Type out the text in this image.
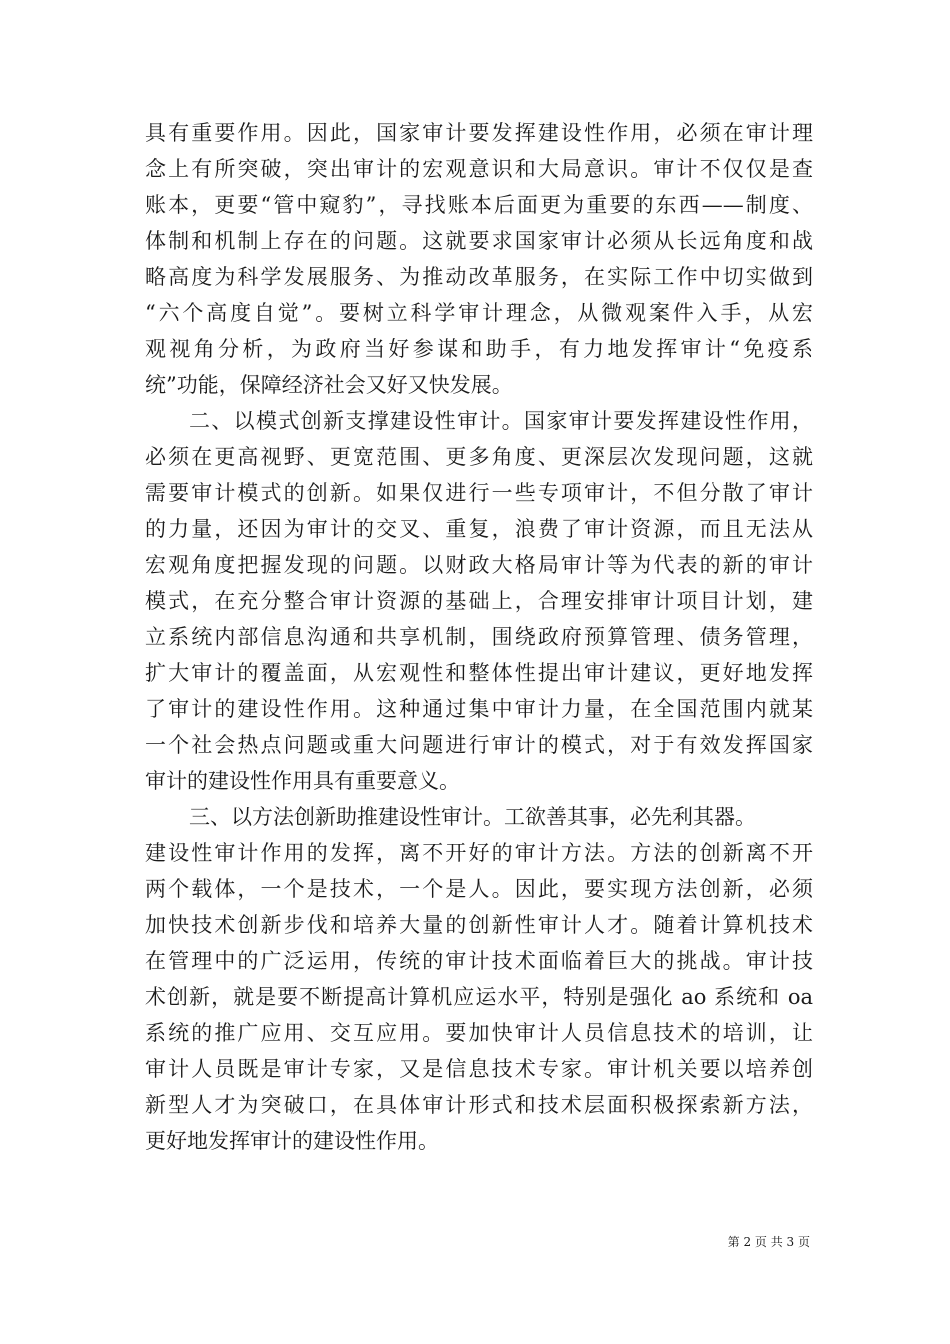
具有重要作用。因此，国家审计要发挥建设性作用，必须在审计理
念上有所突破，突出审计的宏观意识和大局意识。审计不仅仅是查
账本，更要“管中窥豹”，寻找账本后面更为重要的东西——制度、
体制和机制上存在的问题。这就要求国家审计必须从长远角度和战
略高度为科学发展服务、为推动改革服务，在实际工作中切实做到
“六个高度自觉”。要树立科学审计理念，从微观案件入手，从宏
观视角分析，为政府当好参谋和助手，有力地发挥审计“免疫系
统”功能，保障经济社会又好又快发展。
二、以模式创新支撑建设性审计。国家审计要发挥建设性作用，
必须在更高视野、更宽范围、更多角度、更深层次发现问题，这就
需要审计模式的创新。如果仅进行一些专项审计，不但分散了审计
的力量，还因为审计的交叉、重复，浪费了审计资源，而且无法从
宏观角度把握发现的问题。以财政大格局审计等为代表的新的审计
模式，在充分整合审计资源的基础上，合理安排审计项目计划，建
立系统内部信息沟通和共享机制，围绕政府预算管理、债务管理，
扩大审计的覆盖面，从宏观性和整体性提出审计建议，更好地发挥
了审计的建设性作用。这种通过集中审计力量，在全国范围内就某
一个社会热点问题或重大问题进行审计的模式，对于有效发挥国家
审计的建设性作用具有重要意义。
三、以方法创新助推建设性审计。工欲善其事，必先利其器。
建设性审计作用的发挥，离不开好的审计方法。方法的创新离不开
两个载体，一个是技术，一个是人。因此，要实现方法创新，必须
加快技术创新步伐和培养大量的创新性审计人才。随着计算机技术
在管理中的广泛运用，传统的审计技术面临着巨大的挑战。审计技
术创新，就是要不断提高计算机应运水平，特别是强化 ao 系统和 oa
系统的推广应用、交互应用。要加快审计人员信息技术的培训，让
审计人员既是审计专家，又是信息技术专家。审计机关要以培养创
新型人才为突破口，在具体审计形式和技术层面积极探索新方法，
更好地发挥审计的建设性作用。
第 2 页 共 3 页
